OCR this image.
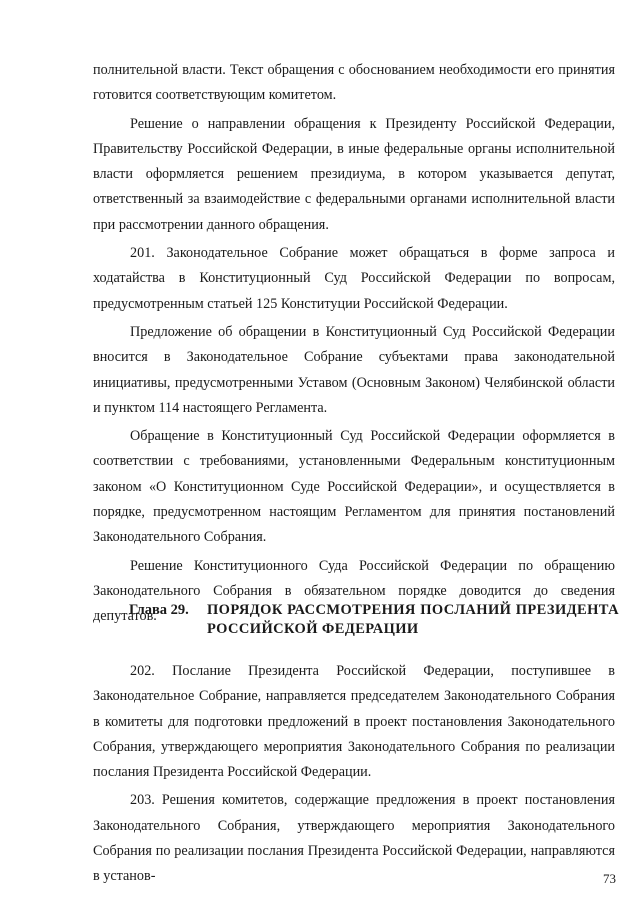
полнительной власти. Текст обращения с обоснованием необходимости его принятия готовится соответствующим комитетом.

Решение о направлении обращения к Президенту Российской Федерации, Правительству Российской Федерации, в иные федеральные органы исполнительной власти оформляется решением президиума, в котором указывается депутат, ответственный за взаимодействие с федеральными органами исполнительной власти при рассмотрении данного обращения.

201. Законодательное Собрание может обращаться в форме запроса и ходатайства в Конституционный Суд Российской Федерации по вопросам, предусмотренным статьей 125 Конституции Российской Федерации.

Предложение об обращении в Конституционный Суд Российской Федерации вносится в Законодательное Собрание субъектами права законодательной инициативы, предусмотренными Уставом (Основным Законом) Челябинской области и пунктом 114 настоящего Регламента.

Обращение в Конституционный Суд Российской Федерации оформляется в соответствии с требованиями, установленными Федеральным конституционным законом «О Конституционном Суде Российской Федерации», и осуществляется в порядке, предусмотренном настоящим Регламентом для принятия постановлений Законодательного Собрания.

Решение Конституционного Суда Российской Федерации по обращению Законодательного Собрания в обязательном порядке доводится до сведения депутатов.

Глава 29.	ПОРЯДОК РАССМОТРЕНИЯ ПОСЛАНИЙ ПРЕЗИДЕНТА РОССИЙСКОЙ ФЕДЕРАЦИИ

202. Послание Президента Российской Федерации, поступившее в Законодательное Собрание, направляется председателем Законодательного Собрания в комитеты для подготовки предложений в проект постановления Законодательного Собрания, утверждающего мероприятия Законодательного Собрания по реализации послания Президента Российской Федерации.

203. Решения комитетов, содержащие предложения в проект постановления Законодательного Собрания, утверждающего мероприятия Законодательного Собрания по реализации послания Президента Российской Федерации, направляются в установ-	73
